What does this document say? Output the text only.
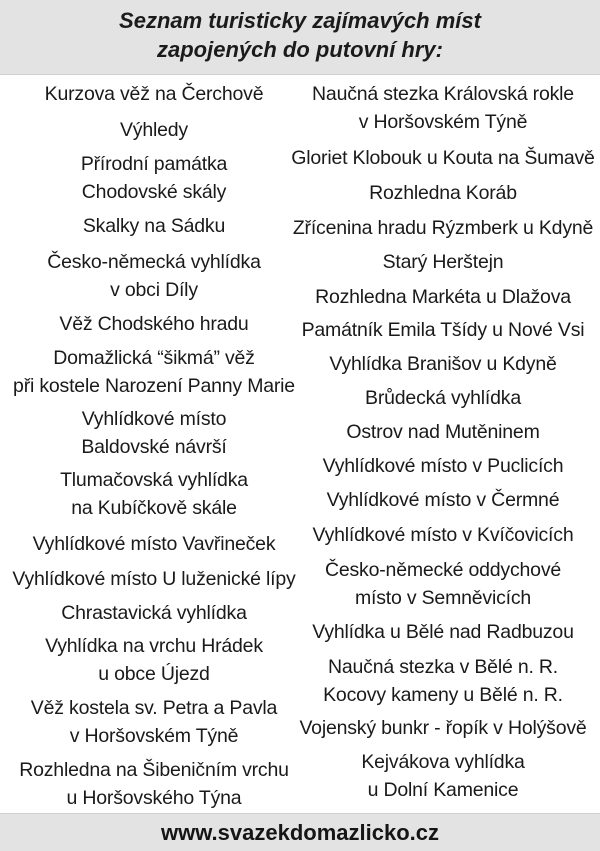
Seznam turisticky zajímavých míst
zapojených do putovní hry:
Kurzova věž na Čerchově
Výhledy
Přírodní památka
Chodovské skály
Skalky na Sádku
Česko-německá vyhlídka
v obci Díly
Věž Chodského hradu
Domažlická “šikmá” věž
při kostele Narození Panny Marie
Vyhlídkové místo
Baldovské návrší
Tlumačovská vyhlídka
na Kubíčkově skále
Vyhlídkové místo Vavřineček
Vyhlídkové místo U luženické lípy
Chrastavická vyhlídka
Vyhlídka na vrchu Hrádek
u obce Újezd
Věž kostela sv. Petra a Pavla
v Horšovském Týně
Rozhledna na Šibeničním vrchu
u Horšovského Týna
Naučná stezka Královská rokle
v Horšovském Týně
Gloriet Klobouk u Kouta na Šumavě
Rozhledna Koráb
Zřícenina hradu Rýzmberk u Kdyně
Starý Herštejn
Rozhledna Markéta u Dlažova
Památník Emila Tšídy u Nové Vsi
Vyhlídka Branišov u Kdyně
Brůdecká vyhlídka
Ostrov nad Mutěninem
Vyhlídkové místo v Puclicích
Vyhlídkové místo v Čermné
Vyhlídkové místo v Kvíčovicích
Česko-německé oddychové
místo v Semněvicích
Vyhlídka u Bělé nad Radbuzou
Naučná stezka v Bělé n. R.
Kocovy kameny u Bělé n. R.
Vojenský bunkr - řopík v Holýšově
Kejvákova vyhlídka
u Dolní Kamenice
www.svazekdomazlicko.cz
